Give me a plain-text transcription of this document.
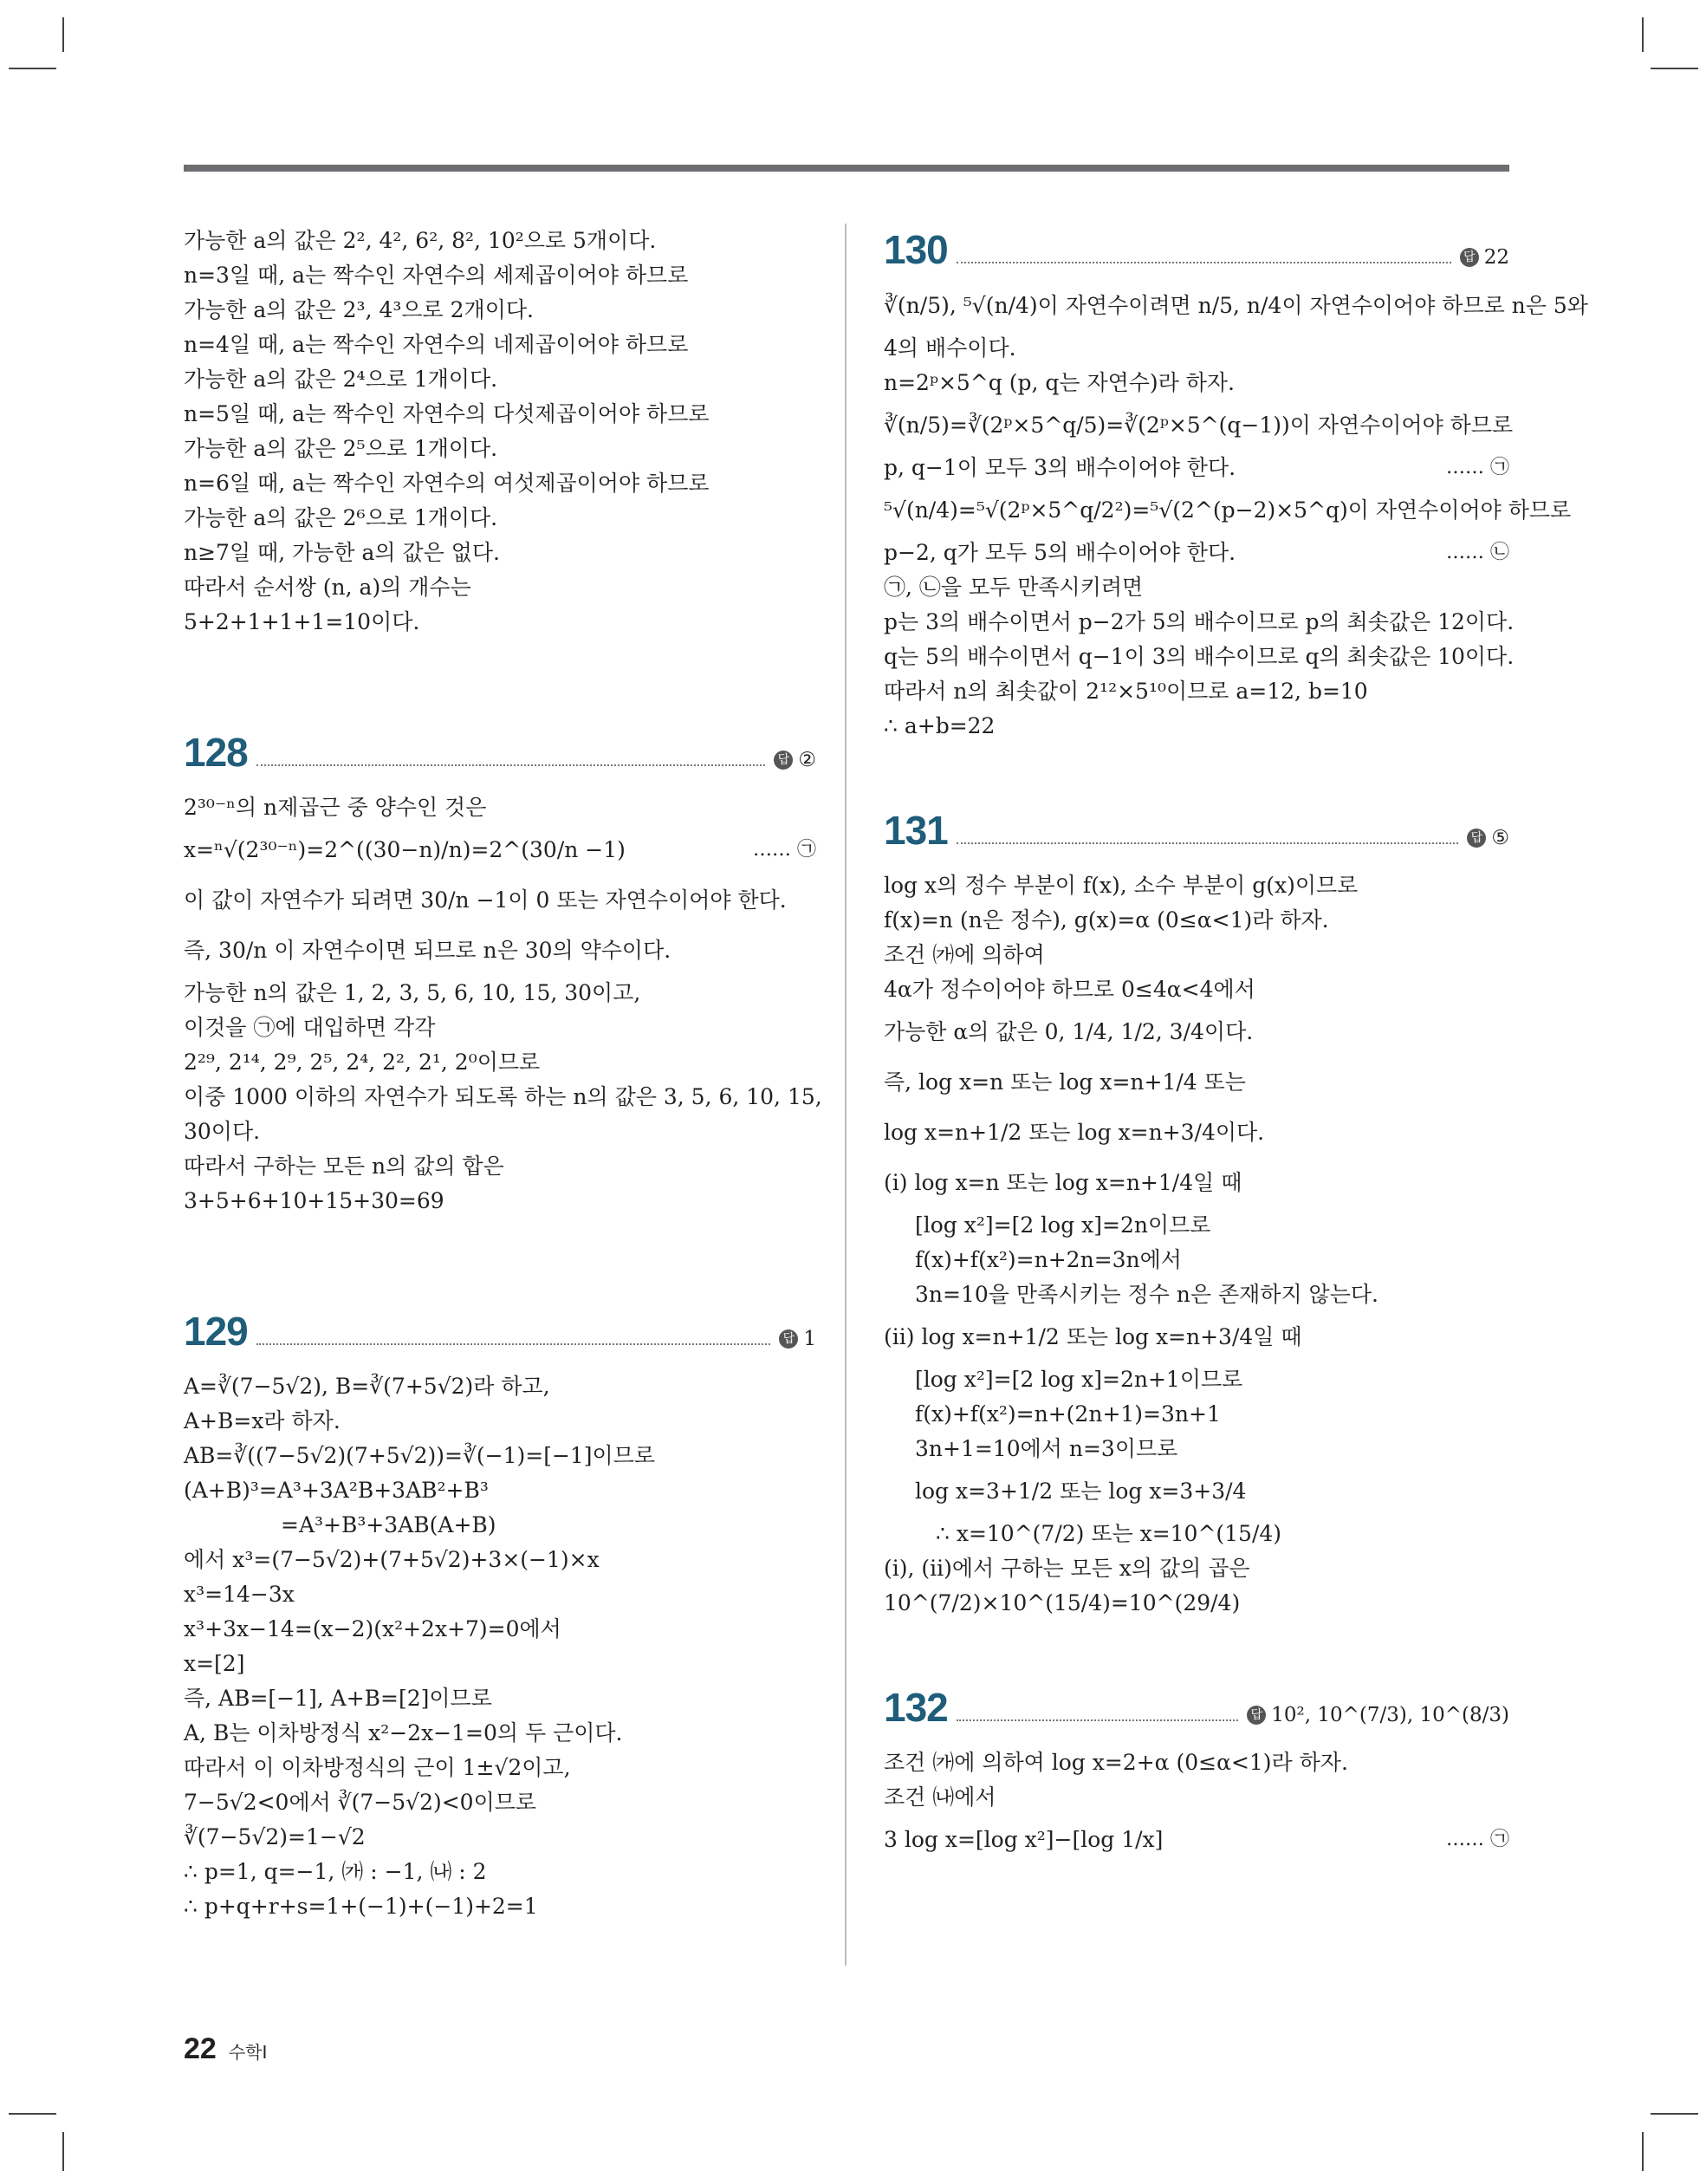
가능한 a의 값은 2², 4², 6², 8², 10²으로 5개이다.
n=3일 때, a는 짝수인 자연수의 세제곱이어야 하므로
가능한 a의 값은 2³, 4³으로 2개이다.
n=4일 때, a는 짝수인 자연수의 네제곱이어야 하므로
가능한 a의 값은 2⁴으로 1개이다.
n=5일 때, a는 짝수인 자연수의 다섯제곱이어야 하므로
가능한 a의 값은 2⁵으로 1개이다.
n=6일 때, a는 짝수인 자연수의 여섯제곱이어야 하므로
가능한 a의 값은 2⁶으로 1개이다.
n≥7일 때, 가능한 a의 값은 없다.
따라서 순서쌍 (n, a)의 개수는
5+2+1+1+1=10이다.
128	답 ②
2³⁰⁻ⁿ의 n제곱근 중 양수인 것은
x=ⁿ√(2³⁰⁻ⁿ)=2^((30−n)/n)=2^(30/n −1)	…… ㉠
이 값이 자연수가 되려면 30/n −1이 0 또는 자연수이어야 한다.
즉, 30/n 이 자연수이면 되므로 n은 30의 약수이다.
가능한 n의 값은 1, 2, 3, 5, 6, 10, 15, 30이고,
이것을 ㉠에 대입하면 각각
2²⁹, 2¹⁴, 2⁹, 2⁵, 2⁴, 2², 2¹, 2⁰이므로
이중 1000 이하의 자연수가 되도록 하는 n의 값은 3, 5, 6, 10, 15,
30이다.
따라서 구하는 모든 n의 값의 합은
3+5+6+10+15+30=69
129	답 1
A=∛(7−5√2), B=∛(7+5√2)라 하고,
A+B=x라 하자.
AB=∛((7−5√2)(7+5√2))=∛(−1)=[−1]이므로
(A+B)³=A³+3A²B+3AB²+B³
=A³+B³+3AB(A+B)
에서 x³=(7−5√2)+(7+5√2)+3×(−1)×x
x³=14−3x
x³+3x−14=(x−2)(x²+2x+7)=0에서
x=[2]
즉, AB=[−1], A+B=[2]이므로
A, B는 이차방정식 x²−2x−1=0의 두 근이다.
따라서 이 이차방정식의 근이 1±√2이고,
7−5√2<0에서 ∛(7−5√2)<0이므로
∛(7−5√2)=1−√2
∴ p=1, q=−1, ㈎ : −1, ㈏ : 2
∴ p+q+r+s=1+(−1)+(−1)+2=1
130	답 22
∛(n/5), ⁵√(n/4)이 자연수이려면 n/5, n/4이 자연수이어야 하므로 n은 5와
4의 배수이다.
n=2ᵖ×5^q (p, q는 자연수)라 하자.
∛(n/5)=∛(2ᵖ×5^q/5)=∛(2ᵖ×5^(q−1))이 자연수이어야 하므로
p, q−1이 모두 3의 배수이어야 한다.	…… ㉠
⁵√(n/4)=⁵√(2ᵖ×5^q/2²)=⁵√(2^(p−2)×5^q)이 자연수이어야 하므로
p−2, q가 모두 5의 배수이어야 한다.	…… ㉡
㉠, ㉡을 모두 만족시키려면
p는 3의 배수이면서 p−2가 5의 배수이므로 p의 최솟값은 12이다.
q는 5의 배수이면서 q−1이 3의 배수이므로 q의 최솟값은 10이다.
따라서 n의 최솟값이 2¹²×5¹⁰이므로 a=12, b=10
∴ a+b=22
131	답 ⑤
log x의 정수 부분이 f(x), 소수 부분이 g(x)이므로
f(x)=n (n은 정수), g(x)=α (0≤α<1)라 하자.
조건 ㈎에 의하여
4α가 정수이어야 하므로 0≤4α<4에서
가능한 α의 값은 0, 1/4, 1/2, 3/4이다.
즉, log x=n 또는 log x=n+1/4 또는
log x=n+1/2 또는 log x=n+3/4이다.
(ⅰ) log x=n 또는 log x=n+1/4일 때
[log x²]=[2 log x]=2n이므로
f(x)+f(x²)=n+2n=3n에서
3n=10을 만족시키는 정수 n은 존재하지 않는다.
(ⅱ) log x=n+1/2 또는 log x=n+3/4일 때
[log x²]=[2 log x]=2n+1이므로
f(x)+f(x²)=n+(2n+1)=3n+1
3n+1=10에서 n=3이므로
log x=3+1/2 또는 log x=3+3/4
∴ x=10^(7/2) 또는 x=10^(15/4)
(ⅰ), (ⅱ)에서 구하는 모든 x의 값의 곱은
10^(7/2)×10^(15/4)=10^(29/4)
132	답 10², 10^(7/3), 10^(8/3)
조건 ㈎에 의하여 log x=2+α (0≤α<1)라 하자.
조건 ㈏에서
3 log x=[log x²]−[log 1/x]	…… ㉠
22 수학Ⅰ
